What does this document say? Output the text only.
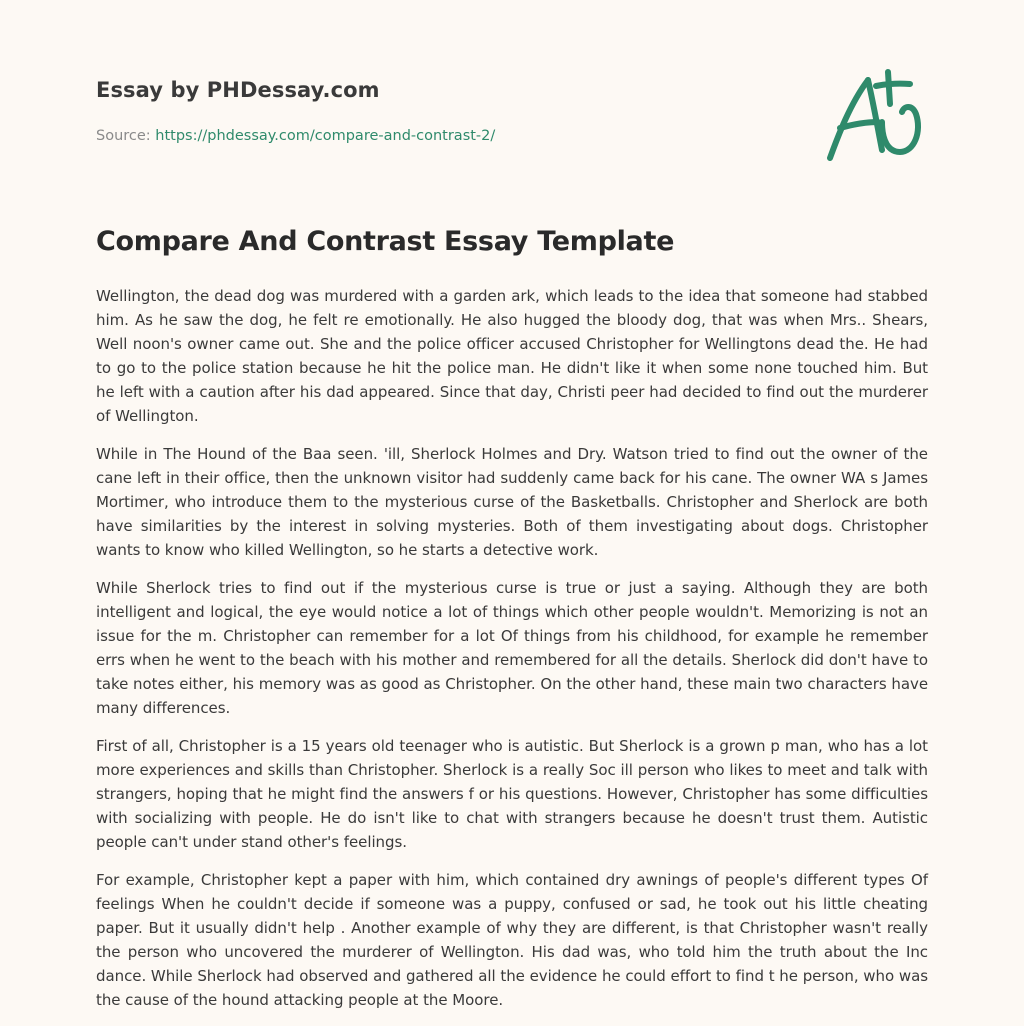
Essay by PHDessay.com
Source: https://phdessay.com/compare-and-contrast-2/
Compare And Contrast Essay Template

Wellington, the dead dog was murdered with a garden ark, which leads to the idea that someone had stabbed him. As he saw the dog, he felt re emotionally. He also hugged the bloody dog, that was when Mrs.. Shears, Well noon's owner came out. She and the police officer accused Christopher for Wellingtons dead the. He had to go to the police station because he hit the police man. He didn't like it when some none touched him. But he left with a caution after his dad appeared. Since that day, Christi peer had decided to find out the murderer of Wellington.

While in The Hound of the Baa seen. 'ill, Sherlock Holmes and Dry. Watson tried to find out the owner of the cane left in their office, then the unknown visitor had suddenly came back for his cane. The owner WA s James Mortimer, who introduce them to the mysterious curse of the Basketballs. Christopher and Sherlock are both have similarities by the interest in solving mysteries. Both of them investigating about dogs. Christopher wants to know who killed Wellington, so he starts a detective work.

While Sherlock tries to find out if the mysterious curse is true or just a saying. Although they are both intelligent and logical, the eye would notice a lot of things which other people wouldn't. Memorizing is not an issue for the m. Christopher can remember for a lot Of things from his childhood, for example he remember errs when he went to the beach with his mother and remembered for all the details. Sherlock did don't have to take notes either, his memory was as good as Christopher. On the other hand, these main two characters have many differences.

First of all, Christopher is a 15 years old teenager who is autistic. But Sherlock is a grown p man, who has a lot more experiences and skills than Christopher. Sherlock is a really Soc ill person who likes to meet and talk with strangers, hoping that he might find the answers f or his questions. However, Christopher has some difficulties with socializing with people. He do isn't like to chat with strangers because he doesn't trust them. Autistic people can't under stand other's feelings.

For example, Christopher kept a paper with him, which contained dry awnings of people's different types Of feelings When he couldn't decide if someone was a puppy, confused or sad, he took out his little cheating paper. But it usually didn't help . Another example of why they are different, is that Christopher wasn't really the person who uncovered the murderer of Wellington. His dad was, who told him the truth about the Inc dance. While Sherlock had observed and gathered all the evidence he could effort to find t he person, who was the cause of the hound attacking people at the Moore.
